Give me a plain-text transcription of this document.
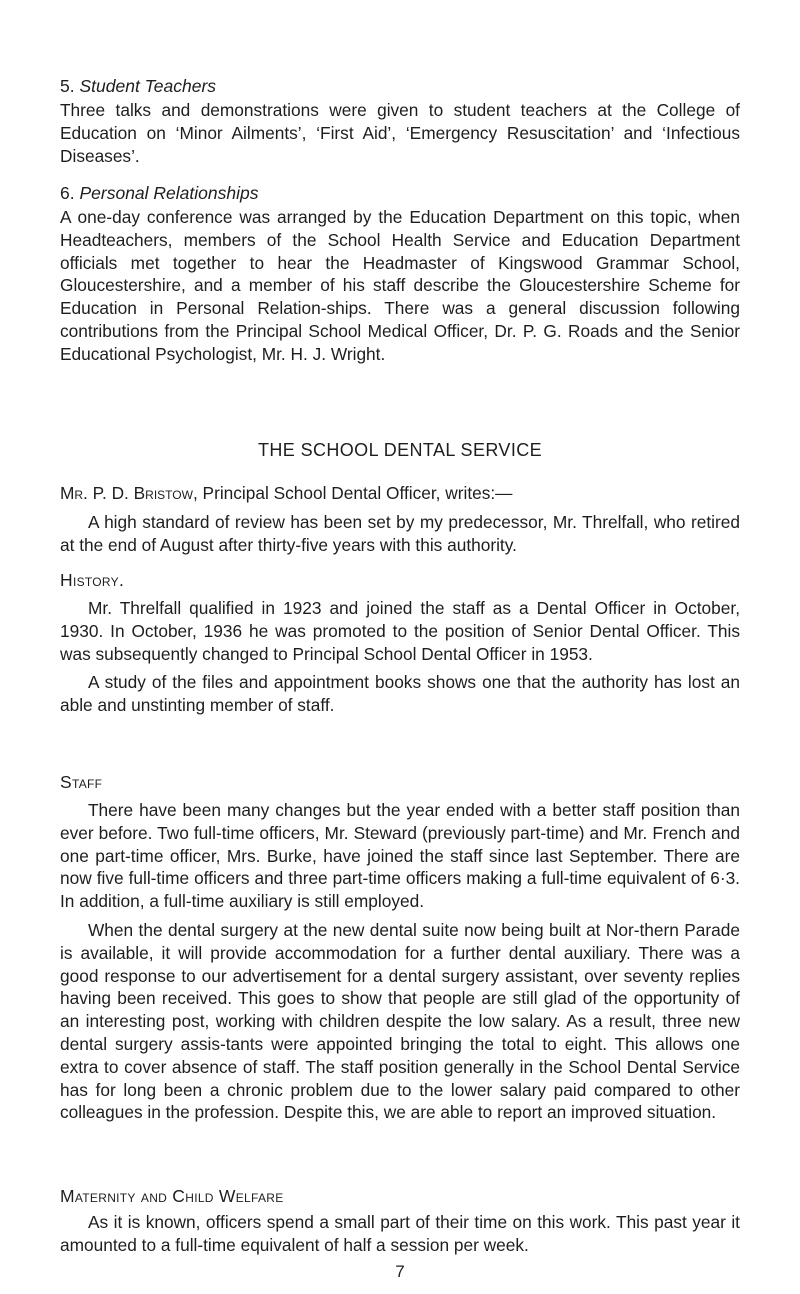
5. Student Teachers

Three talks and demonstrations were given to student teachers at the College of Education on ‘Minor Ailments’, ‘First Aid’, ‘Emergency Resuscitation’ and ‘Infectious Diseases’.

6. Personal Relationships

A one-day conference was arranged by the Education Department on this topic, when Headteachers, members of the School Health Service and Education Department officials met together to hear the Headmaster of Kingswood Grammar School, Gloucestershire, and a member of his staff describe the Gloucestershire Scheme for Education in Personal Relation-ships. There was a general discussion following contributions from the Principal School Medical Officer, Dr. P. G. Roads and the Senior Educational Psychologist, Mr. H. J. Wright.

THE SCHOOL DENTAL SERVICE

Mr. P. D. Bristow, Principal School Dental Officer, writes:—

A high standard of review has been set by my predecessor, Mr. Threlfall, who retired at the end of August after thirty-five years with this authority.

History.

Mr. Threlfall qualified in 1923 and joined the staff as a Dental Officer in October, 1930. In October, 1936 he was promoted to the position of Senior Dental Officer. This was subsequently changed to Principal School Dental Officer in 1953.

A study of the files and appointment books shows one that the authority has lost an able and unstinting member of staff.

Staff

There have been many changes but the year ended with a better staff position than ever before. Two full-time officers, Mr. Steward (previously part-time) and Mr. French and one part-time officer, Mrs. Burke, have joined the staff since last September. There are now five full-time officers and three part-time officers making a full-time equivalent of 6·3. In addition, a full-time auxiliary is still employed.

When the dental surgery at the new dental suite now being built at Nor-thern Parade is available, it will provide accommodation for a further dental auxiliary. There was a good response to our advertisement for a dental surgery assistant, over seventy replies having been received. This goes to show that people are still glad of the opportunity of an interesting post, working with children despite the low salary. As a result, three new dental surgery assis-tants were appointed bringing the total to eight. This allows one extra to cover absence of staff. The staff position generally in the School Dental Service has for long been a chronic problem due to the lower salary paid compared to other colleagues in the profession. Despite this, we are able to report an improved situation.

Maternity and Child Welfare

As it is known, officers spend a small part of their time on this work. This past year it amounted to a full-time equivalent of half a session per week.

7
